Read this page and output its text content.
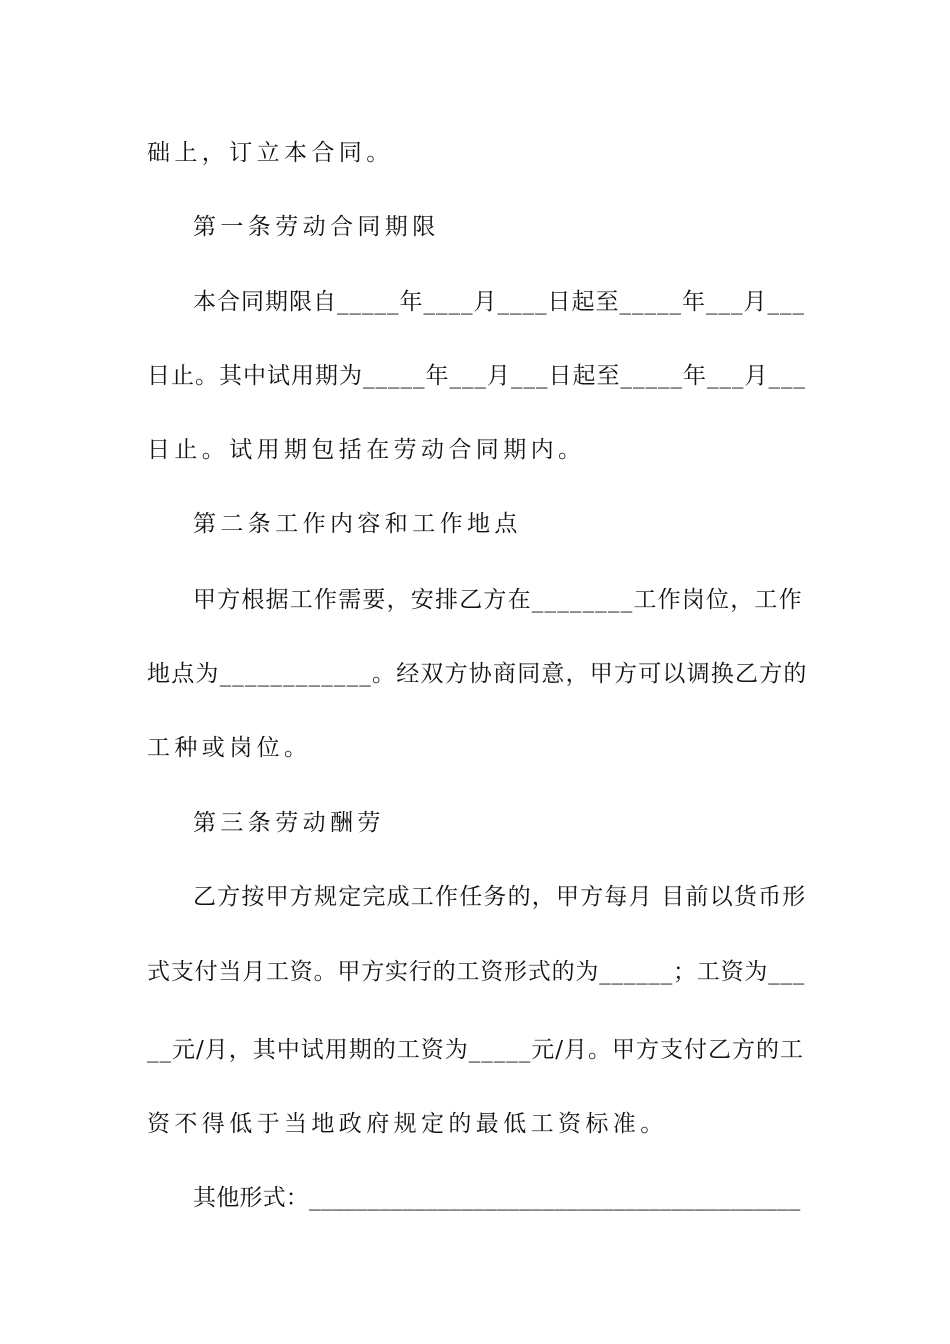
础上，订立本合同。
第一条劳动合同期限
本合同期限自_____年____月____日起至_____年___月___
日止。其中试用期为_____年___月___日起至_____年___月___
日止。试用期包括在劳动合同期内。
第二条工作内容和工作地点
甲方根据工作需要，安排乙方在________工作岗位，工作
地点为____________。经双方协商同意，甲方可以调换乙方的
工种或岗位。
第三条劳动酬劳
乙方按甲方规定完成工作任务的，甲方每月 目前以货币形
式支付当月工资。甲方实行的工资形式的为______；工资为___
__元/月，其中试用期的工资为_____元/月。甲方支付乙方的工
资不得低于当地政府规定的最低工资标准。
其他形式：__________________________________________
